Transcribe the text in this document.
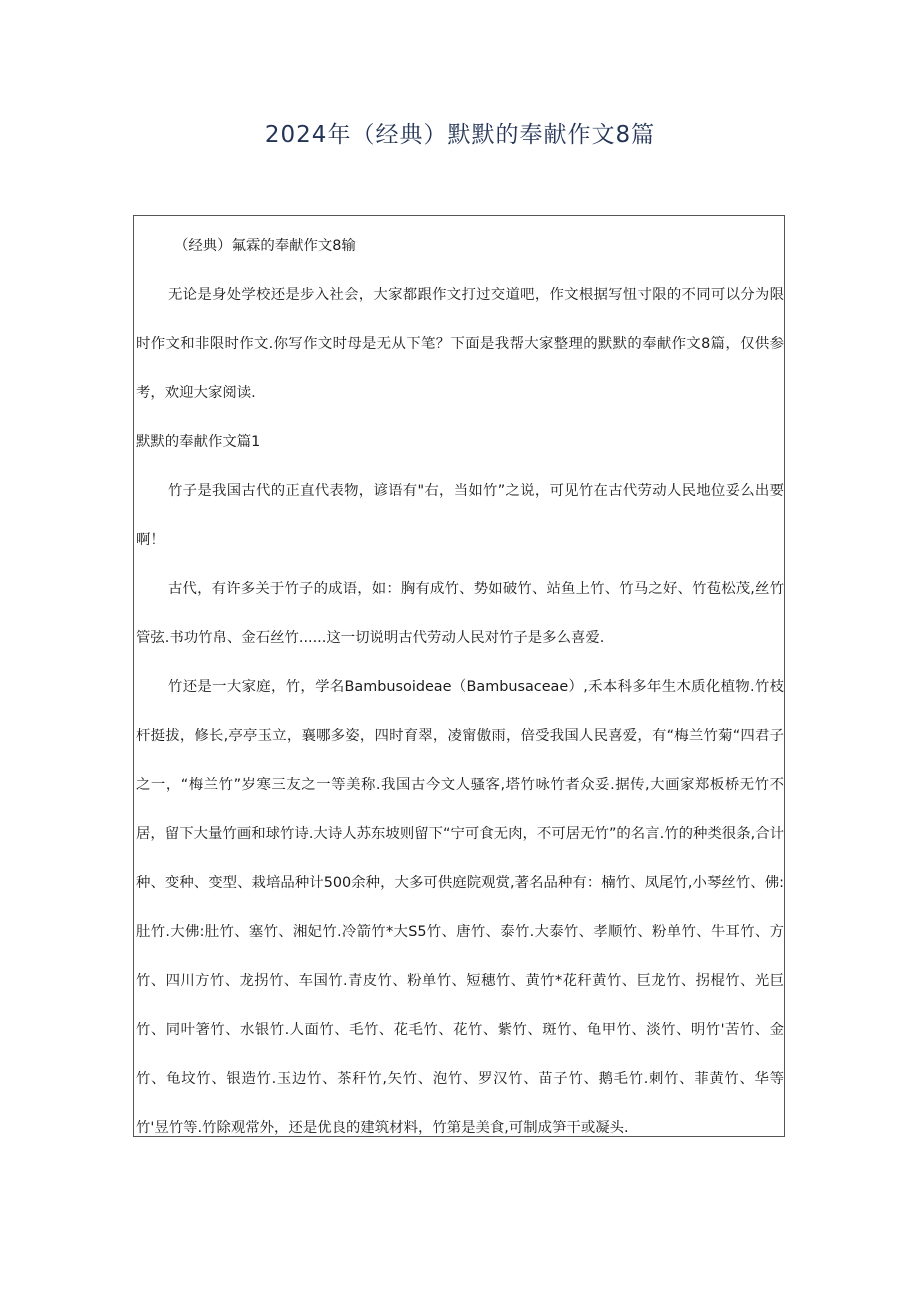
2024年（经典）默默的奉献作文8篇

（经典）氟霖的奉献作文8输

无论是身处学校还是步入社会，大家都跟作文打过交道吧，作文根据写忸寸限的不同可以分为限时作文和非限时作文.你写作文时母是无从下笔？下面是我帮大家整理的默默的奉献作文8篇，仅供参考，欢迎大家阅读.

默默的奉献作文篇1

竹子是我国古代的正直代表物，谚语有"右，当如竹”之说，可见竹在古代劳动人民地位妥么出要啊！

古代，有许多关于竹子的成语，如：胸有成竹、势如破竹、站鱼上竹、竹马之好、竹苞松茂,丝竹管弦.书功竹帛、金石丝竹......这一切说明古代劳动人民对竹子是多么喜爱.

竹还是一大家庭，竹，学名Bambusoideae（Bambusaceae）,禾本科多年生木质化植物.竹枝杆挺拔，修长,亭亭玉立，襄哪多姿，四时育翠，凌甯傲雨，倍受我国人民喜爱，有“梅兰竹菊“四君子之一，“梅兰竹”岁寒三友之一等美称.我国古今文人骚客,塔竹咏竹者众妥.据传,大画家郑板桥无竹不居，留下大量竹画和球竹诗.大诗人苏东坡则留下“宁可食无肉，不可居无竹”的名言.竹的种类很条,合计种、变种、变型、栽培品种计500余种，大多可供庭院观赏,著名品种有：楠竹、凤尾竹,小琴丝竹、佛:肚竹.大佛:肚竹、塞竹、湘妃竹.冷箭竹*大S5竹、唐竹、泰竹.大泰竹、孝顺竹、粉单竹、牛耳竹、方竹、四川方竹、龙拐竹、车国竹.青皮竹、粉单竹、短穗竹、黄竹*花秆黄竹、巨龙竹、拐棍竹、光巨竹、同叶箸竹、水银竹.人面竹、毛竹、花毛竹、花竹、紫竹、斑竹、龟甲竹、淡竹、明竹'苦竹、金竹、龟坟竹、银造竹.玉边竹、茶秆竹,矢竹、泡竹、罗汉竹、苗子竹、鹅毛竹.刺竹、菲黄竹、华等竹'昱竹等.竹除观常外，还是优良的建筑材料，竹第是美食,可制成笋干或凝头.
